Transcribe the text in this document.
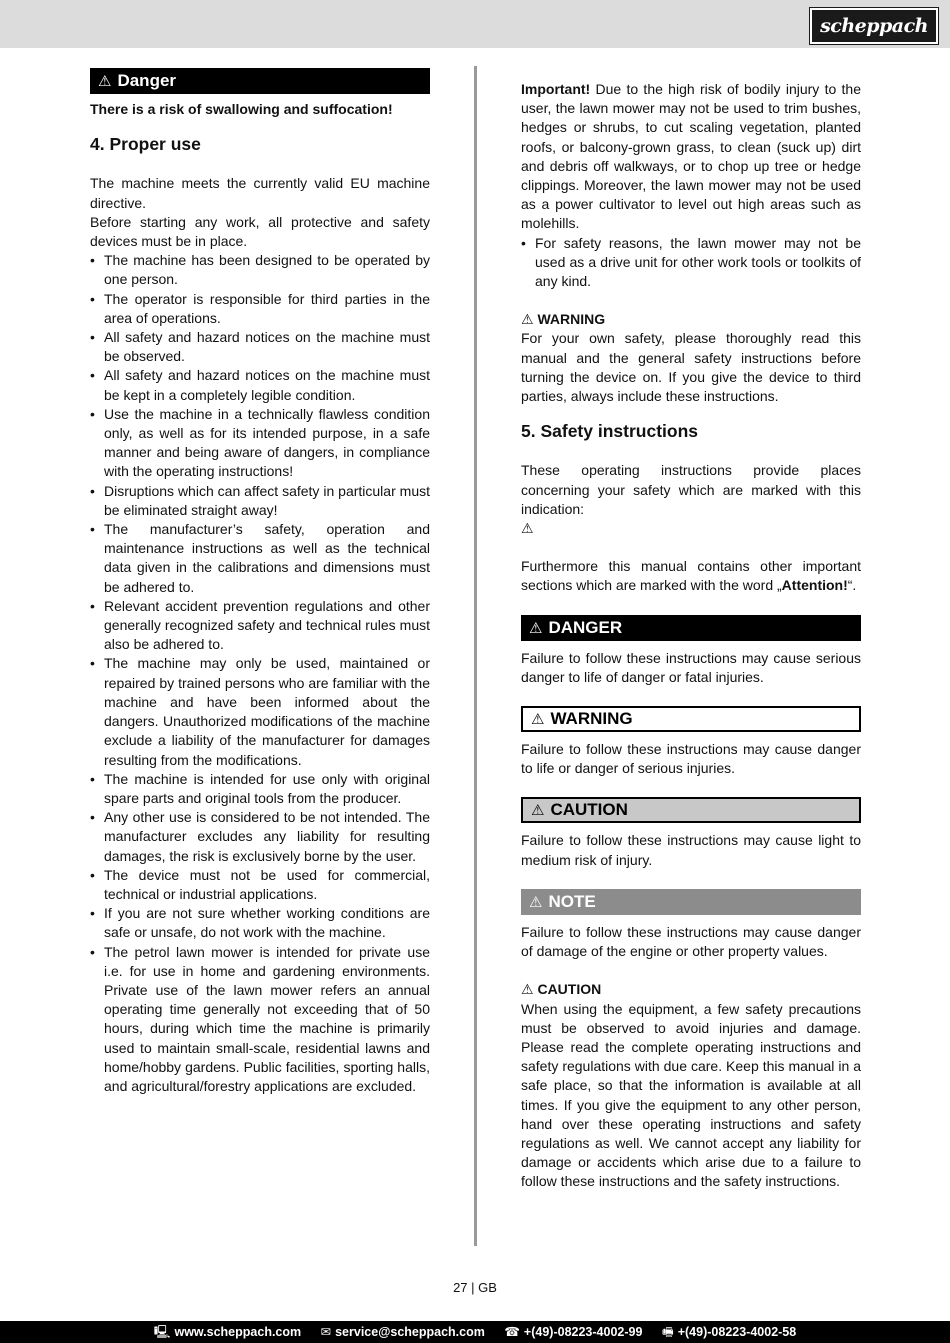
scheppach
⚠ Danger
There is a risk of swallowing and suffocation!
4. Proper use

The machine meets the currently valid EU machine directive.

Before starting any work, all protective and safety devices must be in place.

• The machine has been designed to be operated by one person.
• The operator is responsible for third parties in the area of operations.
• All safety and hazard notices on the machine must be observed.
• All safety and hazard notices on the machine must be kept in a completely legible condition.
• Use the machine in a technically flawless condition only, as well as for its intended purpose, in a safe manner and being aware of dangers, in compliance with the operating instructions!
• Disruptions which can affect safety in particular must be eliminated straight away!
• The manufacturer’s safety, operation and maintenance instructions as well as the technical data given in the calibrations and dimensions must be adhered to.
• Relevant accident prevention regulations and other generally recognized safety and technical rules must also be adhered to.
• The machine may only be used, maintained or repaired by trained persons who are familiar with the machine and have been informed about the dangers. Unauthorized modifications of the machine exclude a liability of the manufacturer for damages resulting from the modifications.
• The machine is intended for use only with original spare parts and original tools from the producer.
• Any other use is considered to be not intended. The manufacturer excludes any liability for resulting damages, the risk is exclusively borne by the user.
• The device must not be used for commercial, technical or industrial applications.
• If you are not sure whether working conditions are safe or unsafe, do not work with the machine.
• The petrol lawn mower is intended for private use i.e. for use in home and gardening environments. Private use of the lawn mower refers an annual operating time generally not exceeding that of 50 hours, during which time the machine is primarily used to maintain small-scale, residential lawns and home/hobby gardens. Public facilities, sporting halls, and agricultural/forestry applications are excluded.

Important! Due to the high risk of bodily injury to the user, the lawn mower may not be used to trim bushes, hedges or shrubs, to cut scaling vegetation, planted roofs, or balcony-grown grass, to clean (suck up) dirt and debris off walkways, or to chop up tree or hedge clippings. Moreover, the lawn mower may not be used as a power cultivator to level out high areas such as molehills.

• For safety reasons, the lawn mower may not be used as a drive unit for other work tools or toolkits of any kind.
⚠ WARNING

For your own safety, please thoroughly read this manual and the general safety instructions before turning the device on. If you give the device to third parties, always include these instructions.

5. Safety instructions

These operating instructions provide places concerning your safety which are marked with this indication:

⚠

Furthermore this manual contains other important sections which are marked with the word „Attention!“.

⚠ DANGER

Failure to follow these instructions may cause serious danger to life of danger or fatal injuries.

⚠ WARNING

Failure to follow these instructions may cause danger to life or danger of serious injuries.

⚠ CAUTION

Failure to follow these instructions may cause light to medium risk of injury.

⚠ NOTE

Failure to follow these instructions may cause danger of damage of the engine or other property values.

⚠ CAUTION

When using the equipment, a few safety precautions must be observed to avoid injuries and damage. Please read the complete operating instructions and safety regulations with due care. Keep this manual in a safe place, so that the information is available at all times. If you give the equipment to any other person, hand over these operating instructions and safety regulations as well. We cannot accept any liability for damage or accidents which arise due to a failure to follow these instructions and the safety instructions.

27 | GB
🖳 www.scheppach.com ✉ service@scheppach.com ☎ +(49)-08223-4002-99 🖷 +(49)-08223-4002-58
